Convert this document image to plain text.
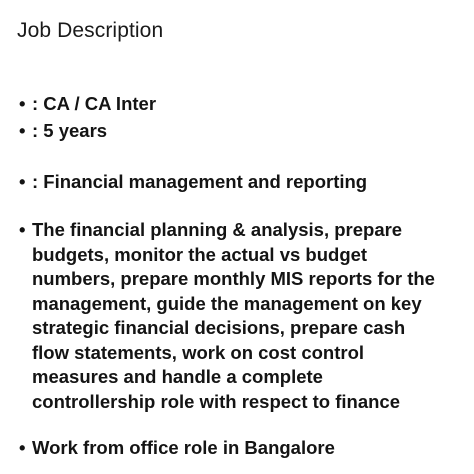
Job Description
• : CA / CA Inter
• : 5 years
• : Financial management and reporting
• The financial planning & analysis, prepare
budgets, monitor the actual vs budget
numbers, prepare monthly MIS reports for the
management, guide the management on key
strategic financial decisions, prepare cash
flow statements, work on cost control
measures and handle a complete
controllership role with respect to finance
• Work from office role in Bangalore
